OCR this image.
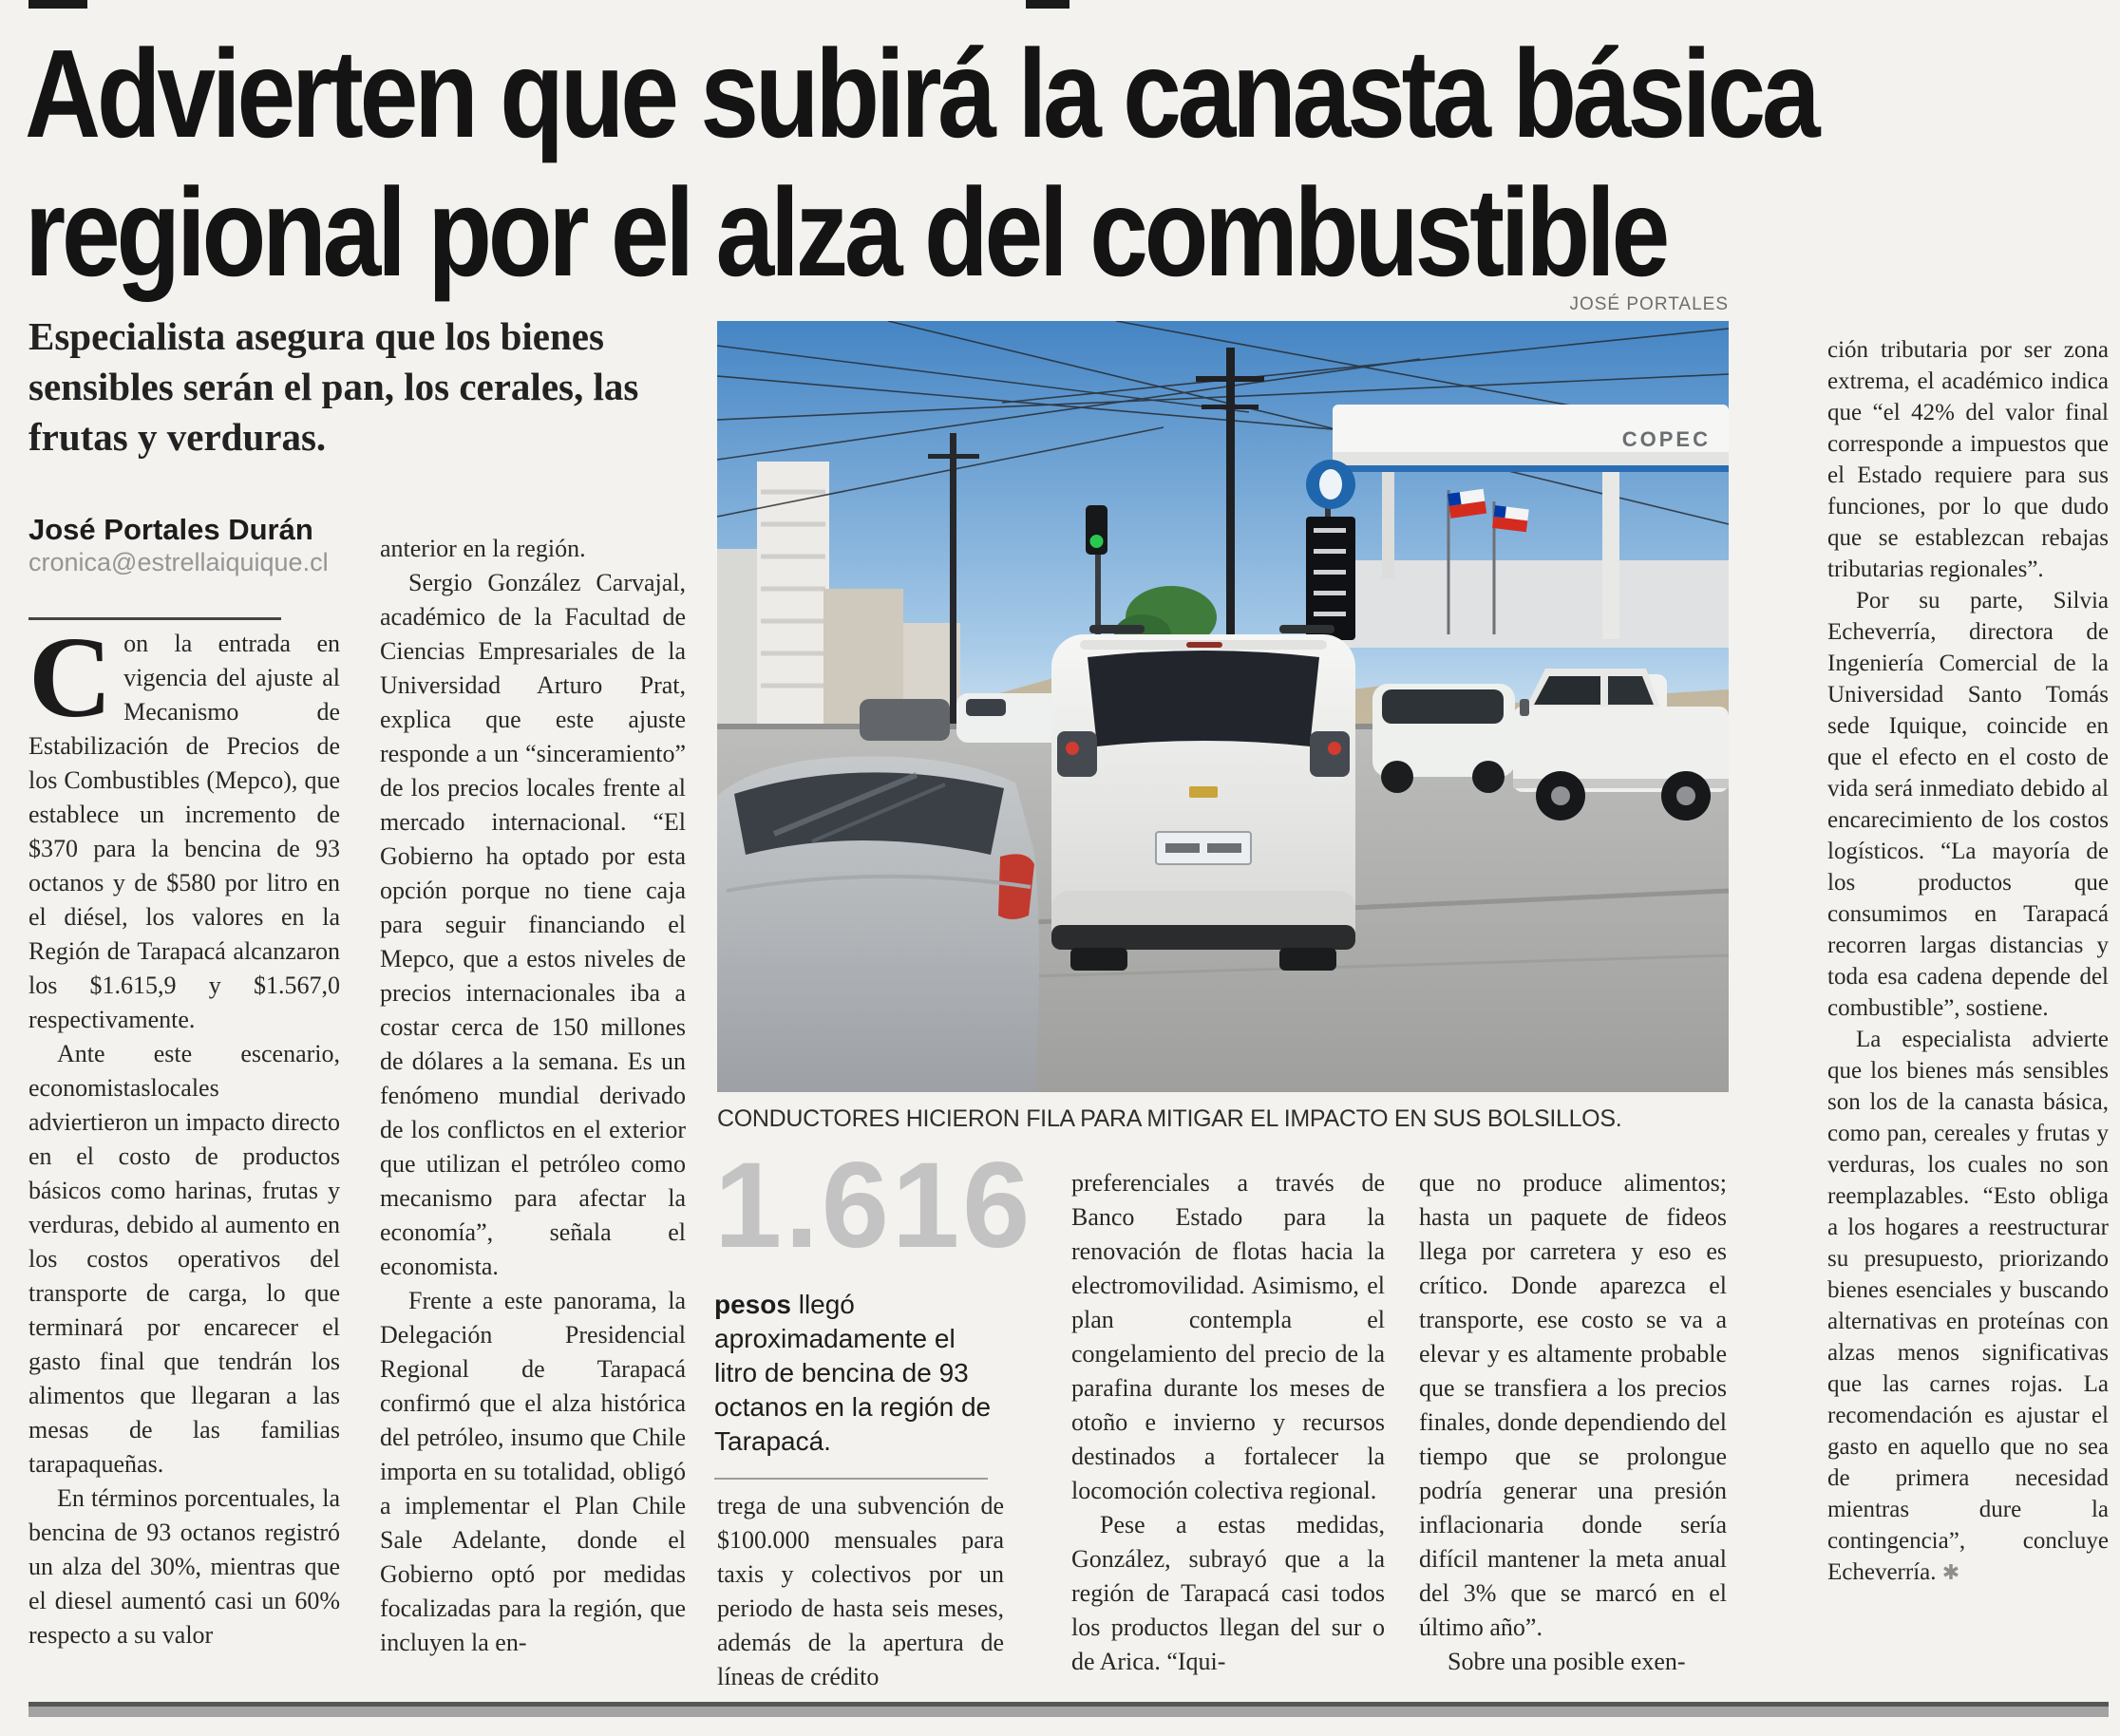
Advierten que subirá la canasta básica
regional por el alza del combustible

Especialista asegura que los bienes sensibles serán el pan, los cerales, las frutas y verduras.

José Portales Durán
cronica@estrellaiquique.cl

Con la entrada en vigencia del ajuste al Mecanismo de Estabilización de Precios de los Combustibles (Mepco), que establece un incremento de $370 para la bencina de 93 octanos y de $580 por litro en el diésel, los valores en la Región de Tarapacá alcanzaron los $1.615,9 y $1.567,0 respectivamente.

Ante este escenario, economistaslocales adviertieron un impacto directo en el costo de productos básicos como harinas, frutas y verduras, debido al aumento en los costos operativos del transporte de carga, lo que terminará por encarecer el gasto final que tendrán los alimentos que llegaran a las mesas de las familias tarapaqueñas.

En términos porcentuales, la bencina de 93 octanos registró un alza del 30%, mientras que el diesel aumentó casi un 60% respecto a su valor

anterior en la región.

Sergio González Carvajal, académico de la Facultad de Ciencias Empresariales de la Universidad Arturo Prat, explica que este ajuste responde a un “sinceramiento” de los precios locales frente al mercado internacional. “El Gobierno ha optado por esta opción porque no tiene caja para seguir financiando el Mepco, que a estos niveles de precios internacionales iba a costar cerca de 150 millones de dólares a la semana. Es un fenómeno mundial derivado de los conflictos en el exterior que utilizan el petróleo como mecanismo para afectar la economía”, señala el economista.

Frente a este panorama, la Delegación Presidencial Regional de Tarapacá confirmó que el alza histórica del petróleo, insumo que Chile importa en su totalidad, obligó a implementar el Plan Chile Sale Adelante, donde el Gobierno optó por medidas focalizadas para la región, que incluyen la en-

JOSÉ PORTALES
COPEC
CONDUCTORES HICIERON FILA PARA MITIGAR EL IMPACTO EN SUS BOLSILLOS.
1.616
pesos llegó aproximadamente el litro de bencina de 93 octanos en la región de Tarapacá.

trega de una subvención de $100.000 mensuales para taxis y colectivos por un periodo de hasta seis meses, además de la apertura de líneas de crédito

preferenciales a través de Banco Estado para la renovación de flotas hacia la electromovilidad. Asimismo, el plan contempla el congelamiento del precio de la parafina durante los meses de otoño e invierno y recursos destinados a fortalecer la locomoción colectiva regional.

Pese a estas medidas, González, subrayó que a la región de Tarapacá casi todos los productos llegan del sur o de Arica. “Iqui-

que no produce alimentos; hasta un paquete de fideos llega por carretera y eso es crítico. Donde aparezca el transporte, ese costo se va a elevar y es altamente probable que se transfiera a los precios finales, donde dependiendo del tiempo que se prolongue podría generar una presión inflacionaria donde sería difícil mantener la meta anual del 3% que se marcó en el último año”.

Sobre una posible exen-

ción tributaria por ser zona extrema, el académico indica que “el 42% del valor final corresponde a impuestos que el Estado requiere para sus funciones, por lo que dudo que se establezcan rebajas tributarias regionales”.

Por su parte, Silvia Echeverría, directora de Ingeniería Comercial de la Universidad Santo Tomás sede Iquique, coincide en que el efecto en el costo de vida será inmediato debido al encarecimiento de los costos logísticos. “La mayoría de los productos que consumimos en Tarapacá recorren largas distancias y toda esa cadena depende del combustible”, sostiene.

La especialista advierte que los bienes más sensibles son los de la canasta básica, como pan, cereales y frutas y verduras, los cuales no son reemplazables. “Esto obliga a los hogares a reestructurar su presupuesto, priorizando bienes esenciales y buscando alternativas en proteínas con alzas menos significativas que las carnes rojas. La recomendación es ajustar el gasto en aquello que no sea de primera necesidad mientras dure la contingencia”, concluye Echeverría. ✱
